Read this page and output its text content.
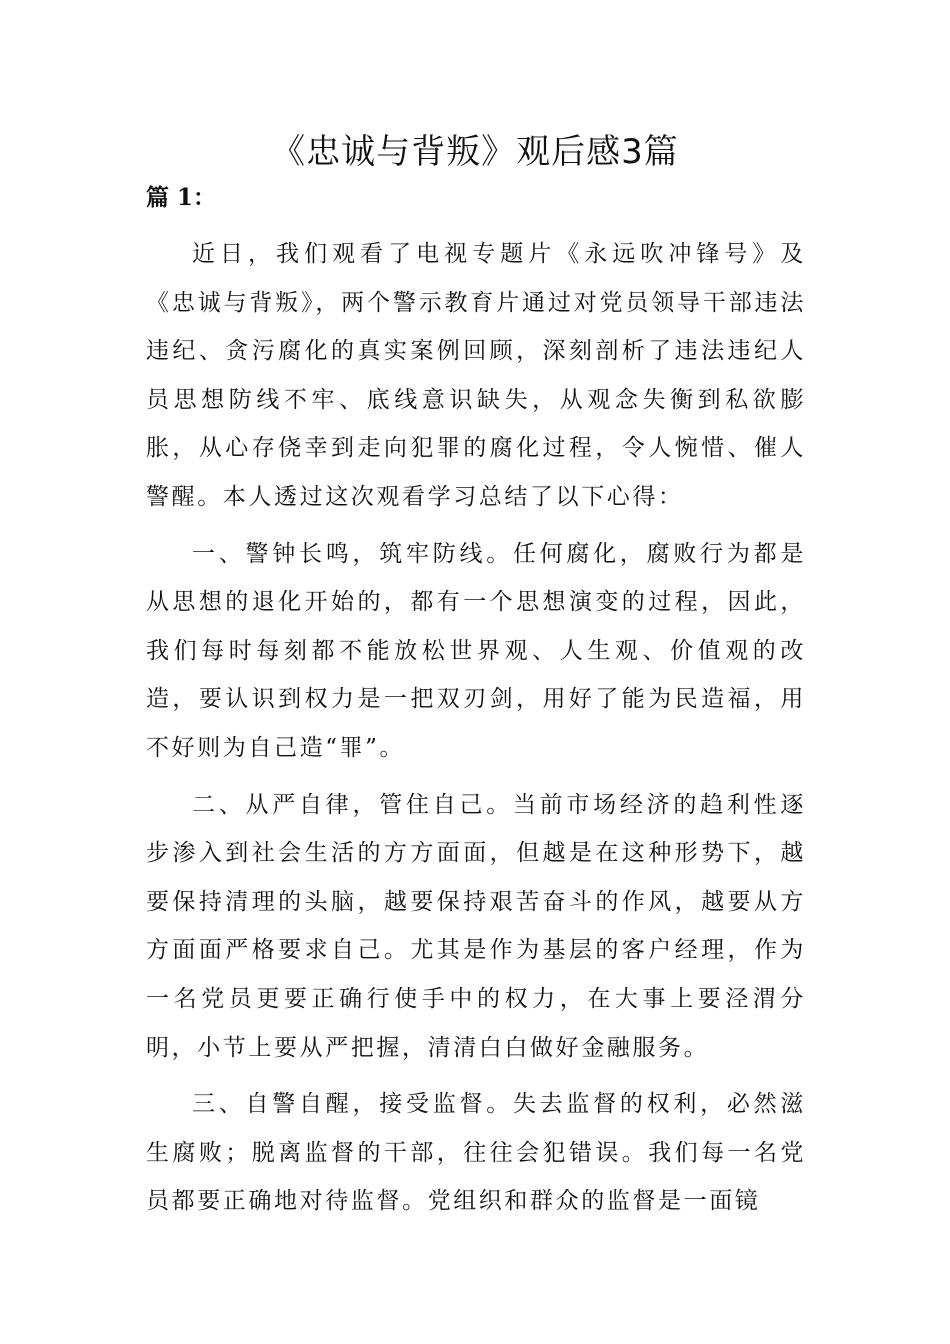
《忠诚与背叛》观后感3篇
篇 1：

近日，我们观看了电视专题片《永远吹冲锋号》及《忠诚与背叛》，两个警示教育片通过对党员领导干部违法违纪、贪污腐化的真实案例回顾，深刻剖析了违法违纪人员思想防线不牢、底线意识缺失，从观念失衡到私欲膨胀，从心存侥幸到走向犯罪的腐化过程，令人惋惜、催人警醒。本人透过这次观看学习总结了以下心得：

一、警钟长鸣，筑牢防线。任何腐化，腐败行为都是从思想的退化开始的，都有一个思想演变的过程，因此，我们每时每刻都不能放松世界观、人生观、价值观的改造，要认识到权力是一把双刃剑，用好了能为民造福，用不好则为自己造“罪”。

二、从严自律，管住自己。当前市场经济的趋利性逐步渗入到社会生活的方方面面，但越是在这种形势下，越要保持清理的头脑，越要保持艰苦奋斗的作风，越要从方方面面严格要求自己。尤其是作为基层的客户经理，作为一名党员更要正确行使手中的权力，在大事上要泾渭分明，小节上要从严把握，清清白白做好金融服务。

三、自警自醒，接受监督。失去监督的权利，必然滋生腐败；脱离监督的干部，往往会犯错误。我们每一名党员都要正确地对待监督。党组织和群众的监督是一面镜
